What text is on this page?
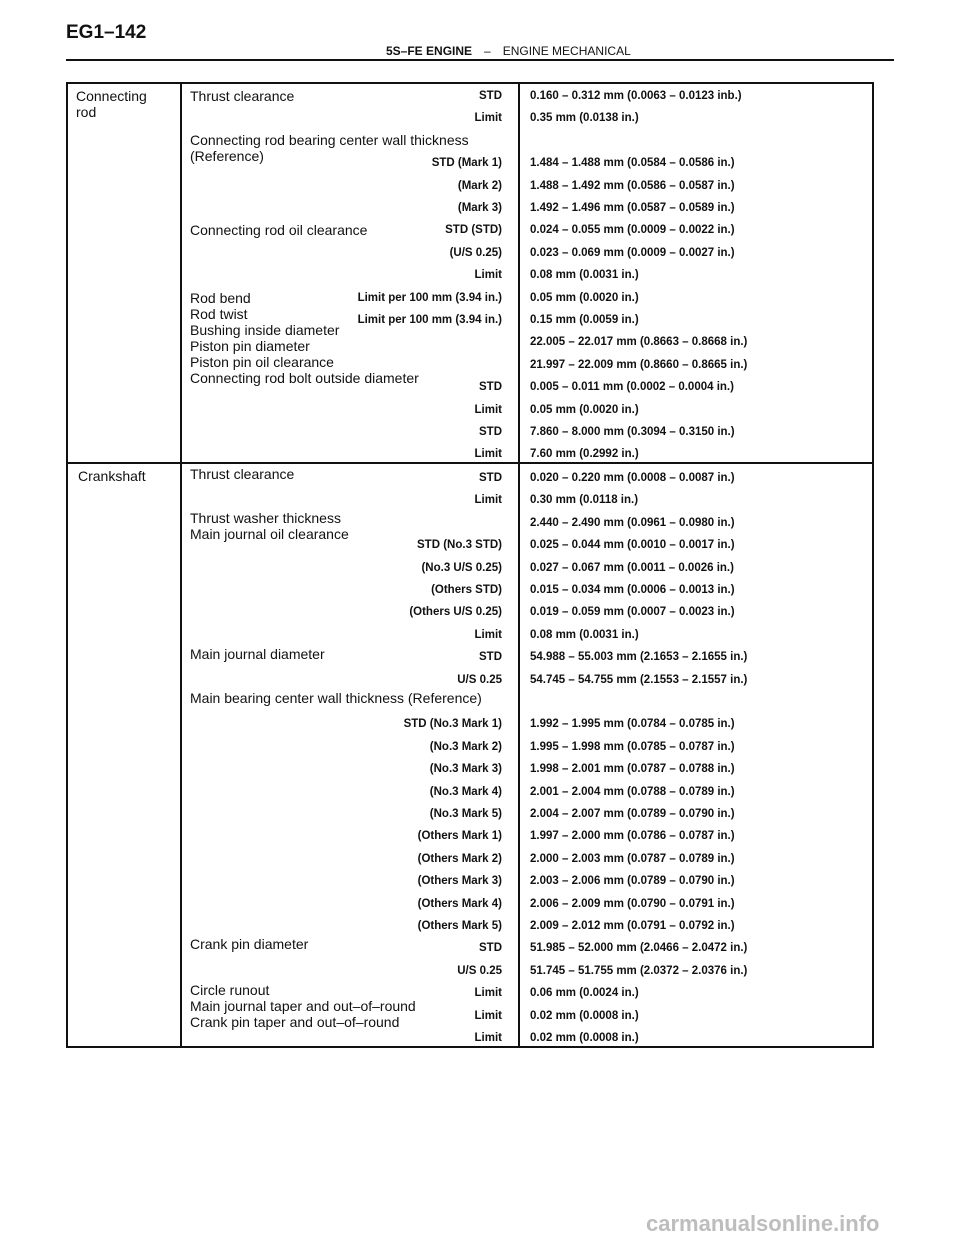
EG1–142
5S–FE ENGINE – ENGINE MECHANICAL
Connecting
rod
Thrust clearance
Connecting rod bearing center wall thickness
(Reference)
Connecting rod oil clearance
Rod bend
Rod twist
Bushing inside diameter
Piston pin diameter
Piston pin oil clearance
Connecting rod bolt outside diameter
STD 0.160 – 0.312 mm (0.0063 – 0.0123 inb.)
Limit 0.35 mm (0.0138 in.)
STD (Mark 1) 1.484 – 1.488 mm (0.0584 – 0.0586 in.)
(Mark 2) 1.488 – 1.492 mm (0.0586 – 0.0587 in.)
(Mark 3) 1.492 – 1.496 mm (0.0587 – 0.0589 in.)
STD (STD) 0.024 – 0.055 mm (0.0009 – 0.0022 in.)
(U/S 0.25) 0.023 – 0.069 mm (0.0009 – 0.0027 in.)
Limit 0.08 mm (0.0031 in.)
Limit per 100 mm (3.94 in.) 0.05 mm (0.0020 in.)
Limit per 100 mm (3.94 in.) 0.15 mm (0.0059 in.)
22.005 – 22.017 mm (0.8663 – 0.8668 in.)
21.997 – 22.009 mm (0.8660 – 0.8665 in.)
STD 0.005 – 0.011 mm (0.0002 – 0.0004 in.)
Limit 0.05 mm (0.0020 in.)
STD 7.860 – 8.000 mm (0.3094 – 0.3150 in.)
Limit 7.60 mm (0.2992 in.)
Crankshaft	Thrust clearance
Thrust washer thickness
Main journal oil clearance
Main journal diameter
Main bearing center wall thickness (Reference)
Crank pin diameter
Circle runout
Main journal taper and out–of–round
Crank pin taper and out–of–round
STD 0.020 – 0.220 mm (0.0008 – 0.0087 in.)
Limit 0.30 mm (0.0118 in.)
2.440 – 2.490 mm (0.0961 – 0.0980 in.)
STD (No.3 STD) 0.025 – 0.044 mm (0.0010 – 0.0017 in.)
(No.3 U/S 0.25) 0.027 – 0.067 mm (0.0011 – 0.0026 in.)
(Others STD) 0.015 – 0.034 mm (0.0006 – 0.0013 in.)
(Others U/S 0.25) 0.019 – 0.059 mm (0.0007 – 0.0023 in.)
Limit 0.08 mm (0.0031 in.)
STD 54.988 – 55.003 mm (2.1653 – 2.1655 in.)
U/S 0.25 54.745 – 54.755 mm (2.1553 – 2.1557 in.)
STD (No.3 Mark 1) 1.992 – 1.995 mm (0.0784 – 0.0785 in.)
(No.3 Mark 2) 1.995 – 1.998 mm (0.0785 – 0.0787 in.)
(No.3 Mark 3) 1.998 – 2.001 mm (0.0787 – 0.0788 in.)
(No.3 Mark 4) 2.001 – 2.004 mm (0.0788 – 0.0789 in.)
(No.3 Mark 5) 2.004 – 2.007 mm (0.0789 – 0.0790 in.)
(Others Mark 1) 1.997 – 2.000 mm (0.0786 – 0.0787 in.)
(Others Mark 2) 2.000 – 2.003 mm (0.0787 – 0.0789 in.)
(Others Mark 3) 2.003 – 2.006 mm (0.0789 – 0.0790 in.)
(Others Mark 4) 2.006 – 2.009 mm (0.0790 – 0.0791 in.)
(Others Mark 5) 2.009 – 2.012 mm (0.0791 – 0.0792 in.)
STD 51.985 – 52.000 mm (2.0466 – 2.0472 in.)
U/S 0.25 51.745 – 51.755 mm (2.0372 – 2.0376 in.)
Limit 0.06 mm (0.0024 in.)
Limit 0.02 mm (0.0008 in.)
Limit 0.02 mm (0.0008 in.)
carmanualsonline.info
